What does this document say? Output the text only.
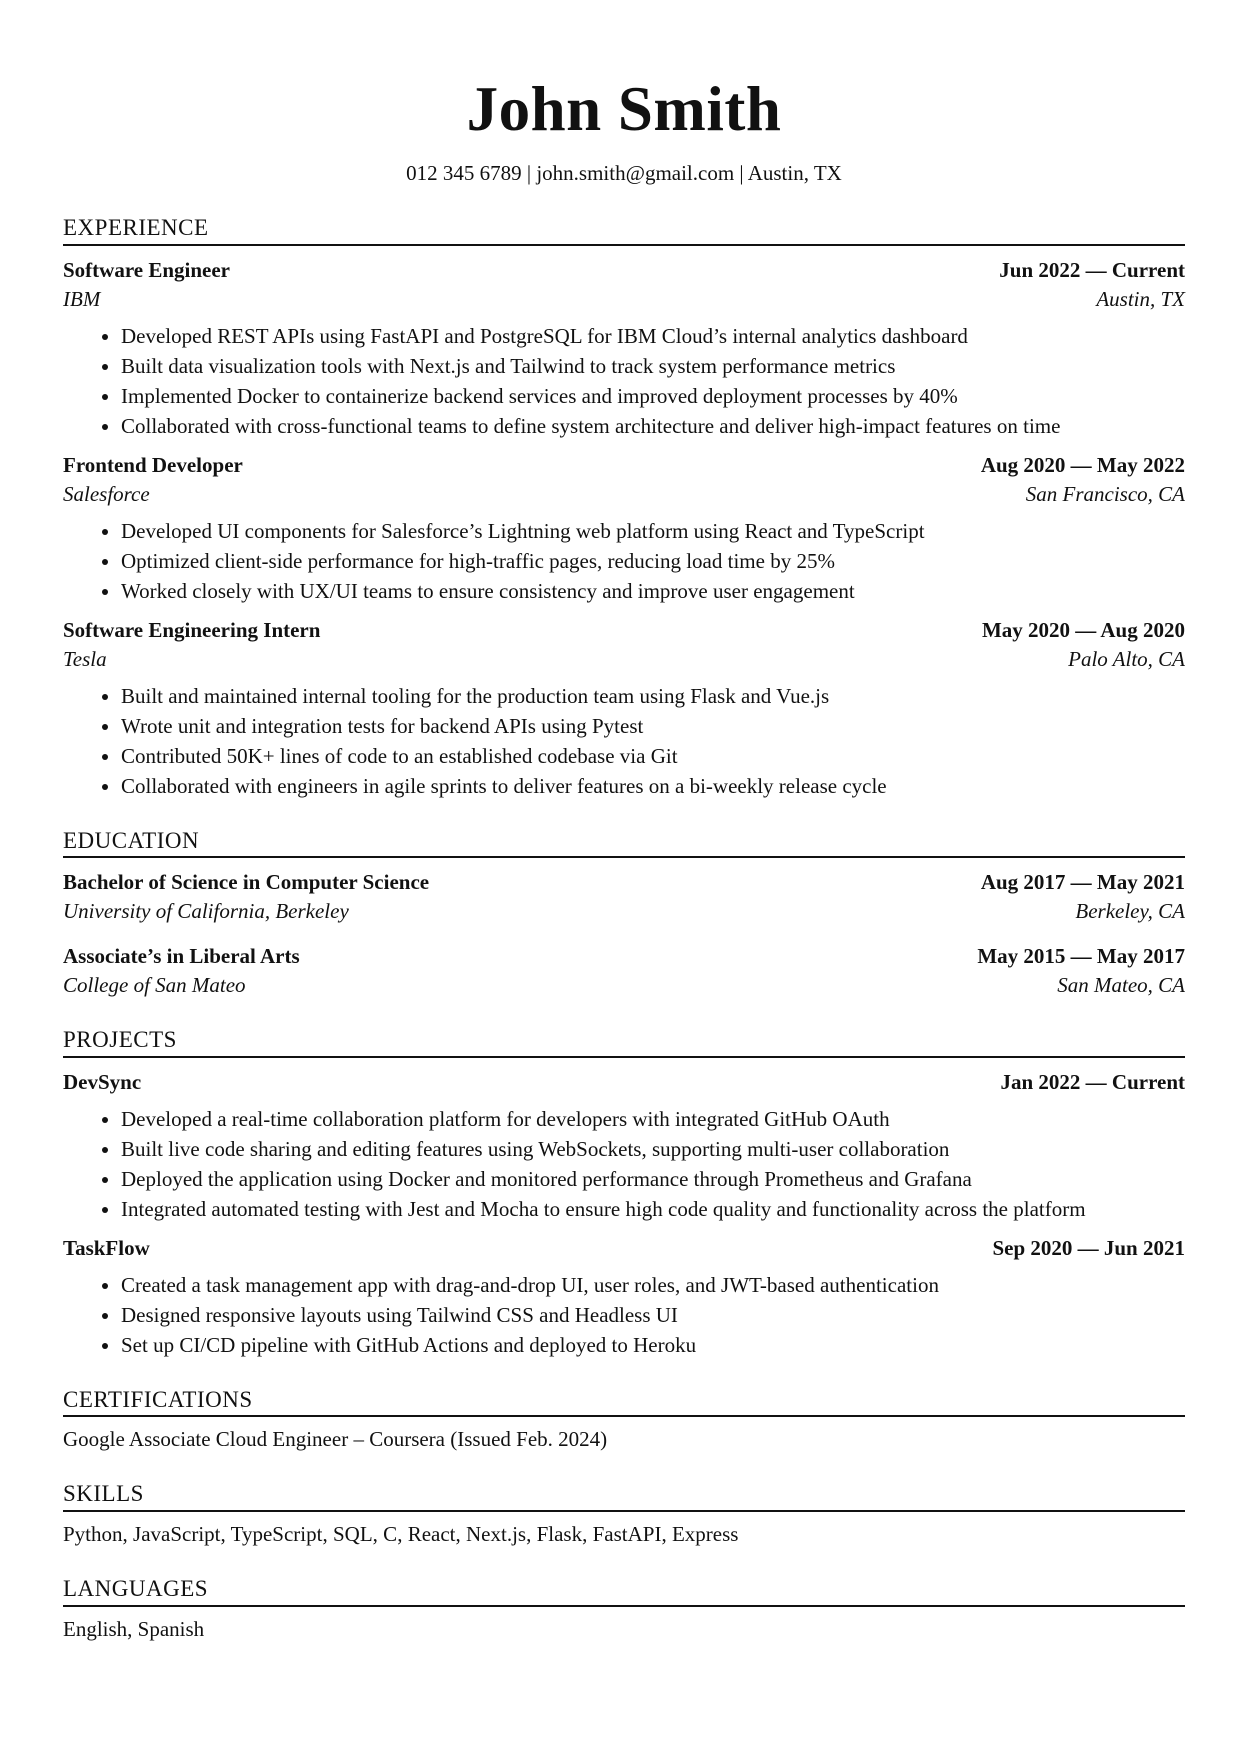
John Smith
012 345 6789 | john.smith@gmail.com | Austin, TX
EXPERIENCE
Software Engineer	Jun 2022 — Current
IBM	Austin, TX
• Developed REST APIs using FastAPI and PostgreSQL for IBM Cloud’s internal analytics dashboard
• Built data visualization tools with Next.js and Tailwind to track system performance metrics
• Implemented Docker to containerize backend services and improved deployment processes by 40%
• Collaborated with cross-functional teams to define system architecture and deliver high-impact features on time
Frontend Developer	Aug 2020 — May 2022
Salesforce	San Francisco, CA
• Developed UI components for Salesforce’s Lightning web platform using React and TypeScript
• Optimized client-side performance for high-traffic pages, reducing load time by 25%
• Worked closely with UX/UI teams to ensure consistency and improve user engagement
Software Engineering Intern	May 2020 — Aug 2020
Tesla	Palo Alto, CA
• Built and maintained internal tooling for the production team using Flask and Vue.js
• Wrote unit and integration tests for backend APIs using Pytest
• Contributed 50K+ lines of code to an established codebase via Git
• Collaborated with engineers in agile sprints to deliver features on a bi-weekly release cycle
EDUCATION
Bachelor of Science in Computer Science	Aug 2017 — May 2021
University of California, Berkeley	Berkeley, CA
Associate’s in Liberal Arts	May 2015 — May 2017
College of San Mateo	San Mateo, CA
PROJECTS
DevSync	Jan 2022 — Current
• Developed a real-time collaboration platform for developers with integrated GitHub OAuth
• Built live code sharing and editing features using WebSockets, supporting multi-user collaboration
• Deployed the application using Docker and monitored performance through Prometheus and Grafana
• Integrated automated testing with Jest and Mocha to ensure high code quality and functionality across the platform
TaskFlow	Sep 2020 — Jun 2021
• Created a task management app with drag-and-drop UI, user roles, and JWT-based authentication
• Designed responsive layouts using Tailwind CSS and Headless UI
• Set up CI/CD pipeline with GitHub Actions and deployed to Heroku
CERTIFICATIONS
Google Associate Cloud Engineer – Coursera (Issued Feb. 2024)
SKILLS
Python , JavaScript , TypeScript , SQL , C , React , Next.js , Flask , FastAPI , Express
LANGUAGES
English , Spanish
